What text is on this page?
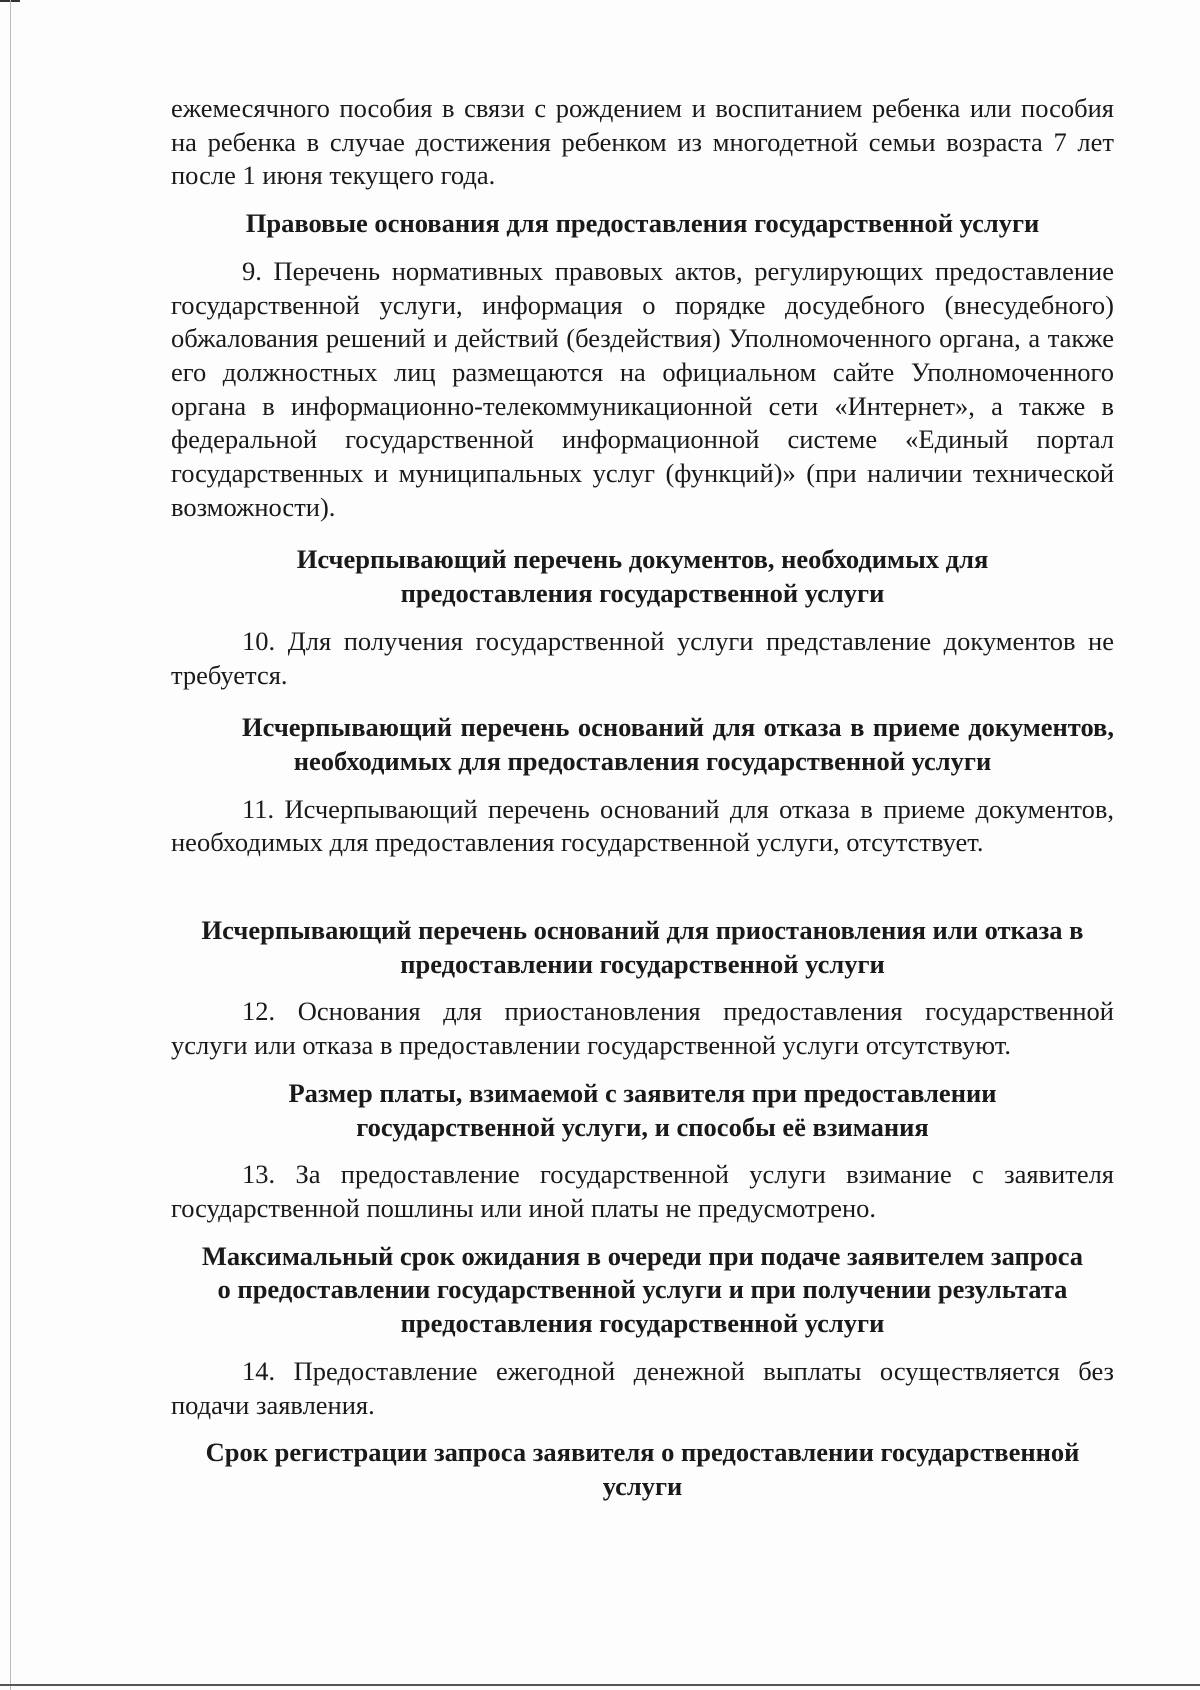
ежемесячного пособия в связи с рождением и воспитанием ребенка или пособия на ребенка в случае достижения ребенком из многодетной семьи возраста 7 лет после 1 июня текущего года.

Правовые основания для предоставления государственной услуги

9. Перечень нормативных правовых актов, регулирующих предоставление государственной услуги, информация о порядке досудебного (внесудебного) обжалования решений и действий (бездействия) Уполномоченного органа, а также его должностных лиц размещаются на официальном сайте Уполномоченного органа в информационно-телекоммуникационной сети «Интернет», а также в федеральной государственной информационной системе «Единый портал государственных и муниципальных услуг (функций)» (при наличии технической возможности).

Исчерпывающий перечень документов, необходимых для
предоставления государственной услуги

10. Для получения государственной услуги представление документов не требуется.

Исчерпывающий перечень оснований для отказа в приеме документов, необходимых для предоставления государственной услуги

11. Исчерпывающий перечень оснований для отказа в приеме документов, необходимых для предоставления государственной услуги, отсутствует.

Исчерпывающий перечень оснований для приостановления или отказа в
предоставлении государственной услуги

12. Основания для приостановления предоставления государственной услуги или отказа в предоставлении государственной услуги отсутствуют.

Размер платы, взимаемой с заявителя при предоставлении
государственной услуги, и способы её взимания

13. За предоставление государственной услуги взимание с заявителя государственной пошлины или иной платы не предусмотрено.

Максимальный срок ожидания в очереди при подаче заявителем запроса
о предоставлении государственной услуги и при получении результата
предоставления государственной услуги

14. Предоставление ежегодной денежной выплаты осуществляется без подачи заявления.

Срок регистрации запроса заявителя о предоставлении государственной
услуги
